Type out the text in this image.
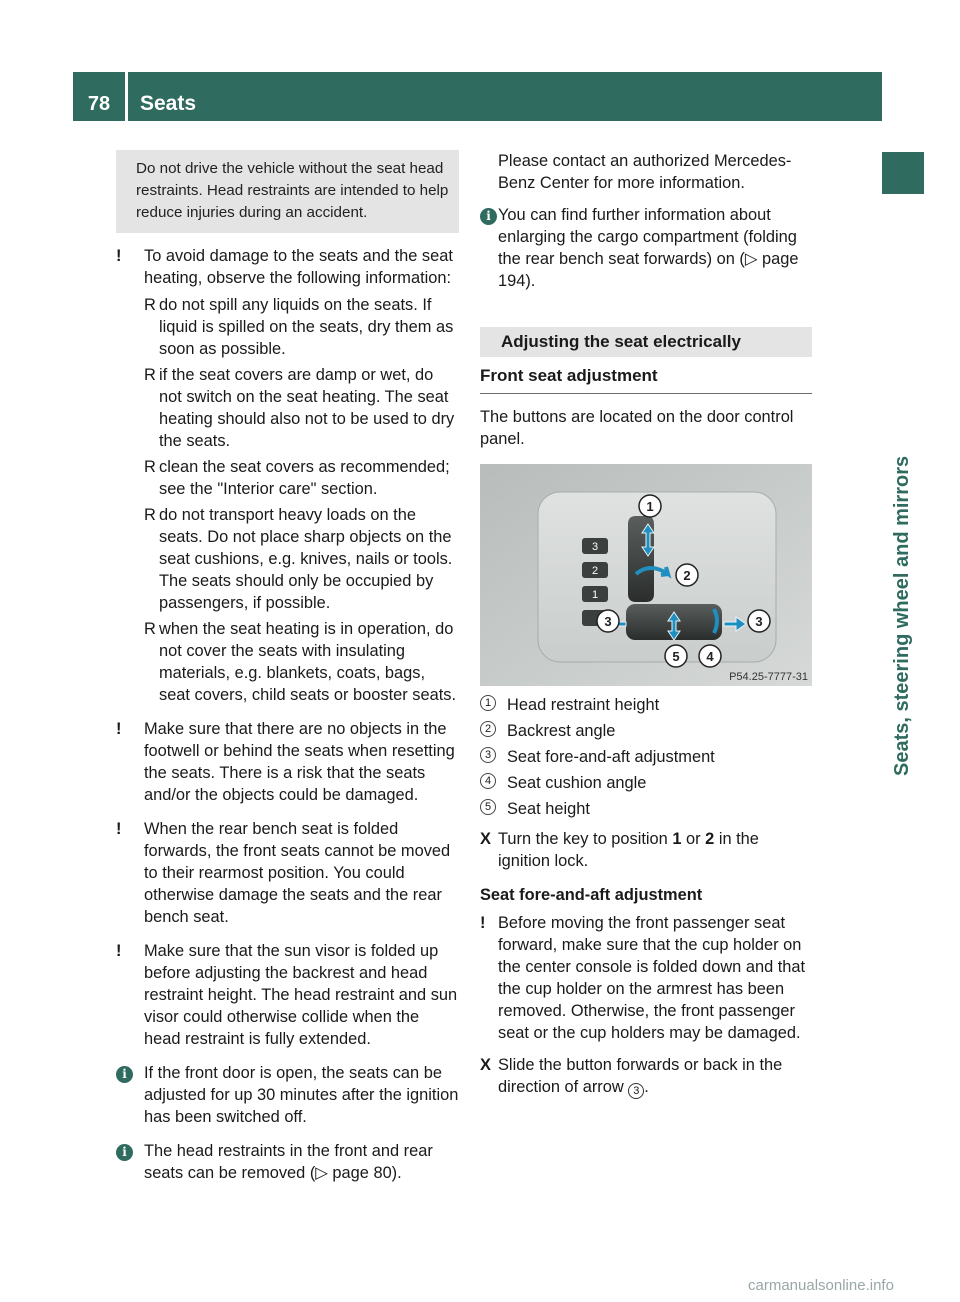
78	Seats
Seats, steering wheel and mirrors
Do not drive the vehicle without the seat head restraints. Head restraints are intended to help reduce injuries during an accident.
!	To avoid damage to the seats and the seat heating, observe the following information:
R do not spill any liquids on the seats. If liquid is spilled on the seats, dry them as soon as possible.
R if the seat covers are damp or wet, do not switch on the seat heating. The seat heating should also not to be used to dry the seats.
R clean the seat covers as recommended; see the "Interior care" section.
R do not transport heavy loads on the seats. Do not place sharp objects on the seat cushions, e.g. knives, nails or tools. The seats should only be occupied by passengers, if possible.
R when the seat heating is in operation, do not cover the seats with insulating materials, e.g. blankets, coats, bags, seat covers, child seats or booster seats.
!	Make sure that there are no objects in the footwell or behind the seats when resetting the seats. There is a risk that the seats and/or the objects could be damaged.
!	When the rear bench seat is folded forwards, the front seats cannot be moved to their rearmost position. You could otherwise damage the seats and the rear bench seat.
!	Make sure that the sun visor is folded up before adjusting the backrest and head restraint height. The head restraint and sun visor could otherwise collide when the head restraint is fully extended.
i	If the front door is open, the seats can be adjusted for up 30 minutes after the ignition has been switched off.
i	The head restraints in the front and rear seats can be removed (▷ page 80).
Please contact an authorized Mercedes-Benz Center for more information.
i You can find further information about enlarging the cargo compartment (folding the rear bench seat forwards) on (▷ page 194).
Adjusting the seat electrically
Front seat adjustment
The buttons are located on the door control panel.
3
2
1
1
2
3	3
5 4
P54.25-7777-31
1 Head restraint height
2 Backrest angle
3 Seat fore-and-aft adjustment
4 Seat cushion angle
5 Seat height
X Turn the key to position 1 or 2 in the ignition lock.
Seat fore-and-aft adjustment
! Before moving the front passenger seat forward, make sure that the cup holder on the center console is folded down and that the cup holder on the armrest has been removed. Otherwise, the front passenger seat or the cup holders may be damaged.
X Slide the button forwards or back in the direction of arrow 3 .
carmanualsonline.info
